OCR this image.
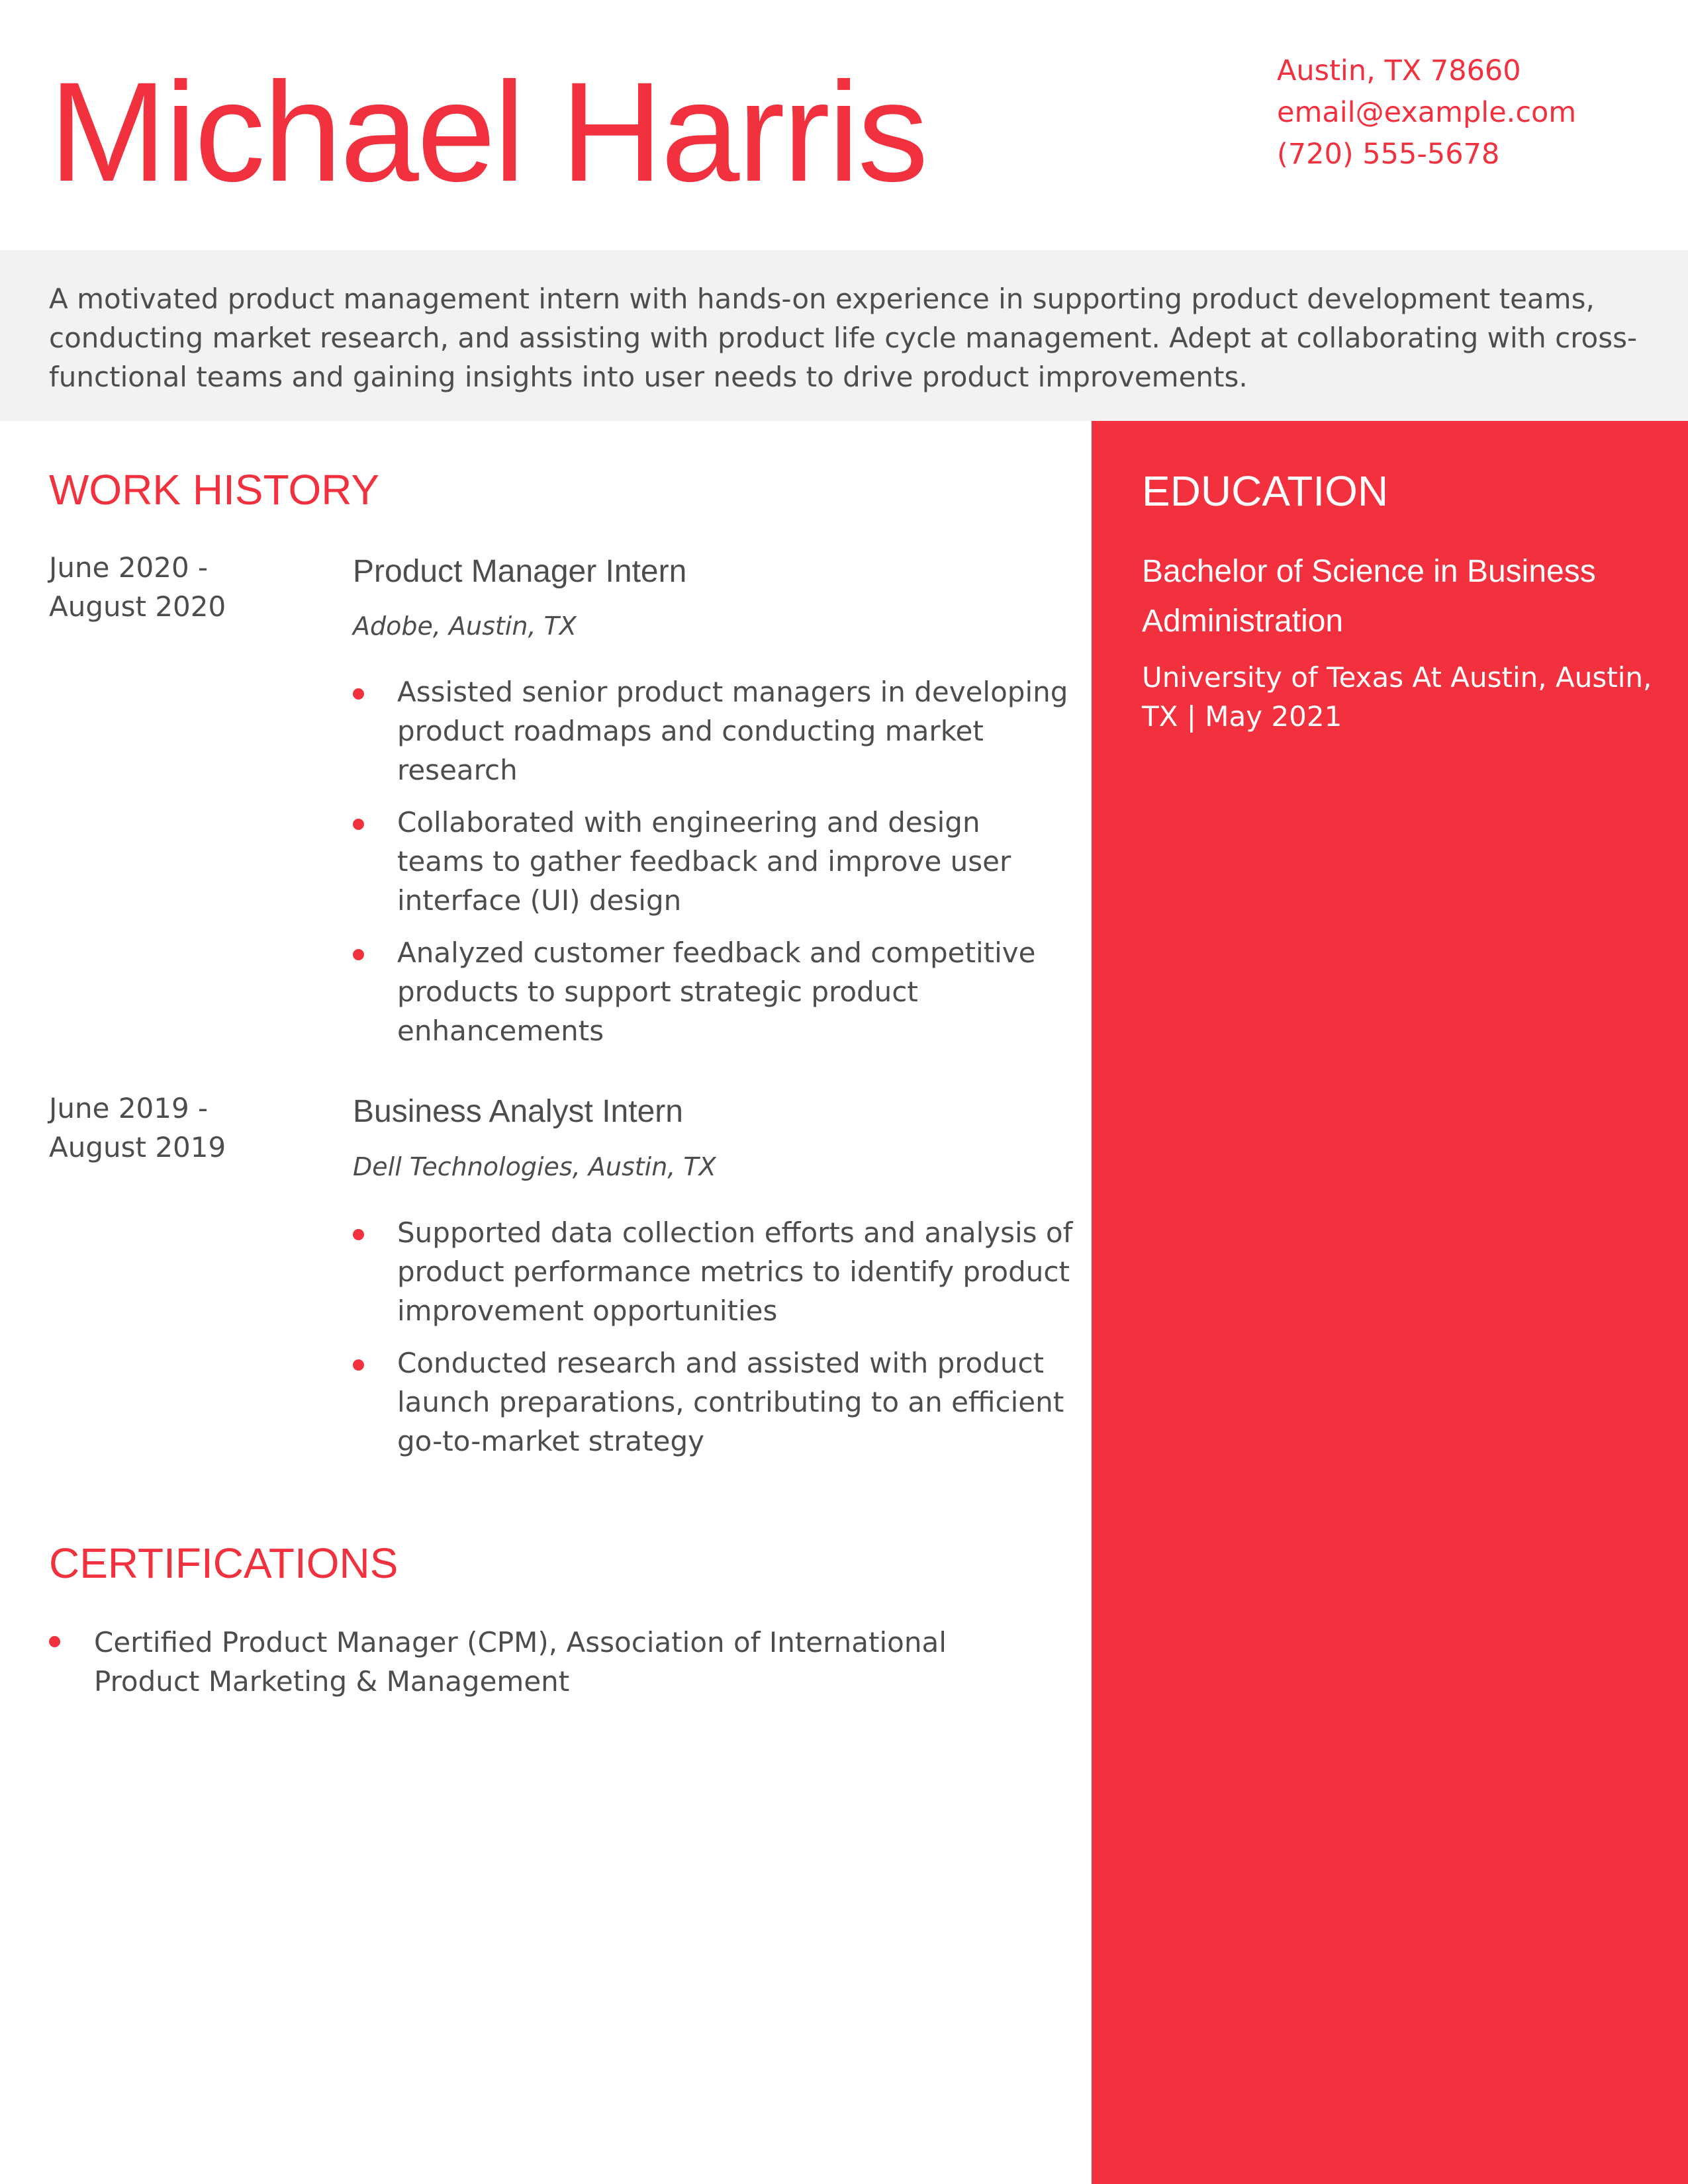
Michael Harris	Austin, TX 78660
email@example.com
(720) 555-5678
A motivated product management intern with hands-on experience in supporting product development teams, conducting market research, and assisting with product life cycle management. Adept at collaborating with cross-functional teams and gaining insights into user needs to drive product improvements.
EDUCATION
Bachelor of Science in Business Administration
University of Texas At Austin, Austin, TX | May 2021
WORK HISTORY
June 2020 -
August 2020
Product Manager Intern
Adobe, Austin, TX
Assisted senior product managers in developing product roadmaps and conducting market research
Collaborated with engineering and design teams to gather feedback and improve user interface (UI) design
Analyzed customer feedback and competitive products to support strategic product enhancements
June 2019 -
August 2019
Business Analyst Intern
Dell Technologies, Austin, TX
Supported data collection efforts and analysis of product performance metrics to identify product improvement opportunities
Conducted research and assisted with product launch preparations, contributing to an efficient go-to-market strategy
CERTIFICATIONS
Certified Product Manager (CPM), Association of International Product Marketing & Management
